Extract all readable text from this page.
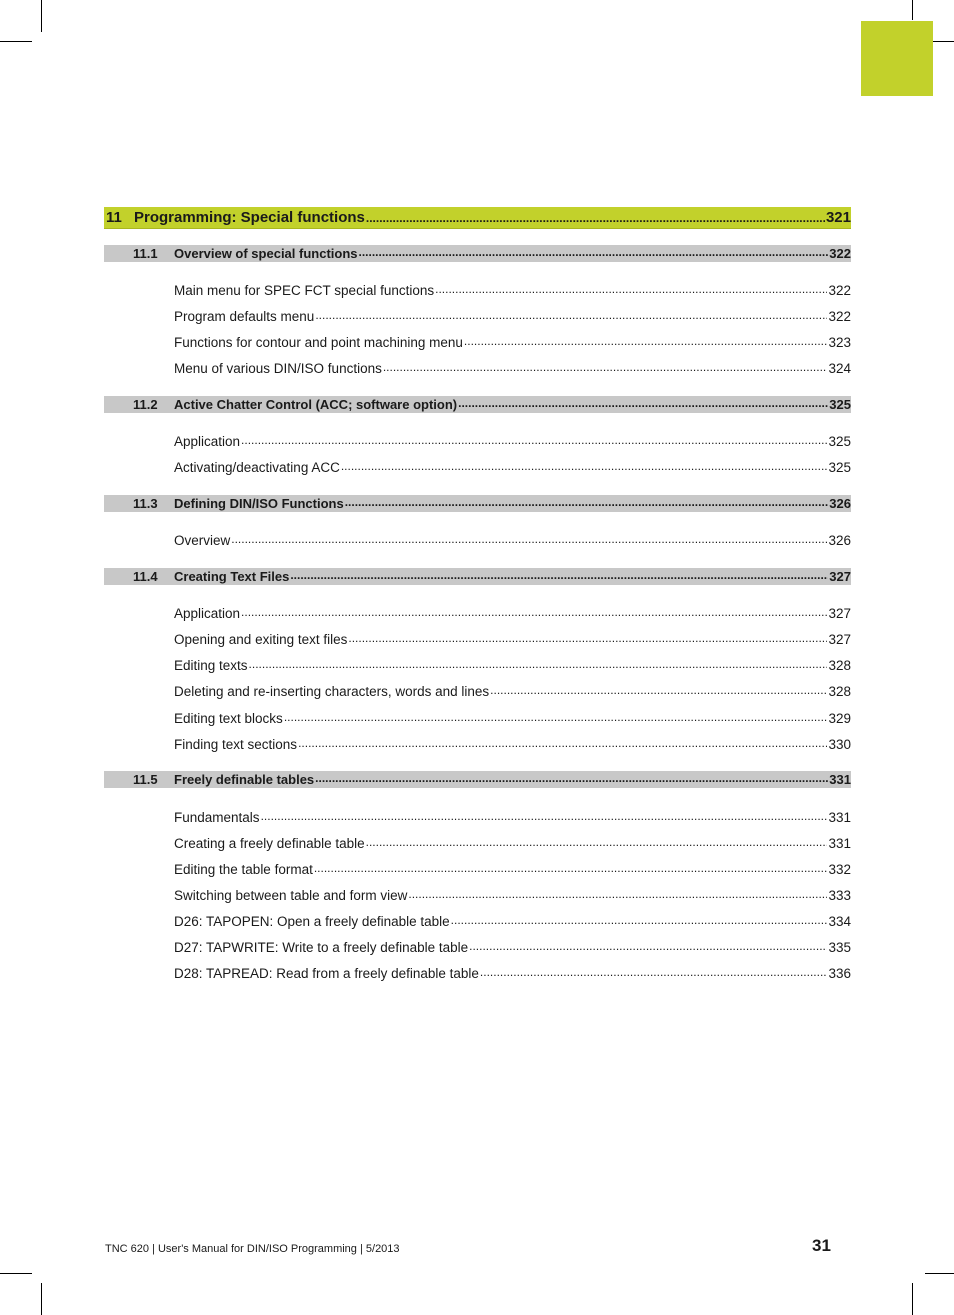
11 Programming: Special functions .....	321
11.1	Overview of special functions .....	322
Main menu for SPEC FCT special functions .....	322
Program defaults menu .....	322
Functions for contour and point machining menu .....	323
Menu of various DIN/ISO functions .....	324
11.2	Active Chatter Control (ACC; software option) .....	325
Application .....	325
Activating/deactivating ACC .....	325
11.3	Defining DIN/ISO Functions .....	326
Overview .....	326
11.4	Creating Text Files .....	327
Application .....	327
Opening and exiting text files .....	327
Editing texts .....	328
Deleting and re-inserting characters, words and lines .....	328
Editing text blocks .....	329
Finding text sections .....	330
11.5	Freely definable tables .....	331
Fundamentals .....	331
Creating a freely definable table .....	331
Editing the table format .....	332
Switching between table and form view .....	333
D26: TAPOPEN: Open a freely definable table .....	334
D27: TAPWRITE: Write to a freely definable table .....	335
D28: TAPREAD: Read from a freely definable table .....	336
TNC 620 | User's Manual for DIN/ISO Programming | 5/2013	31
